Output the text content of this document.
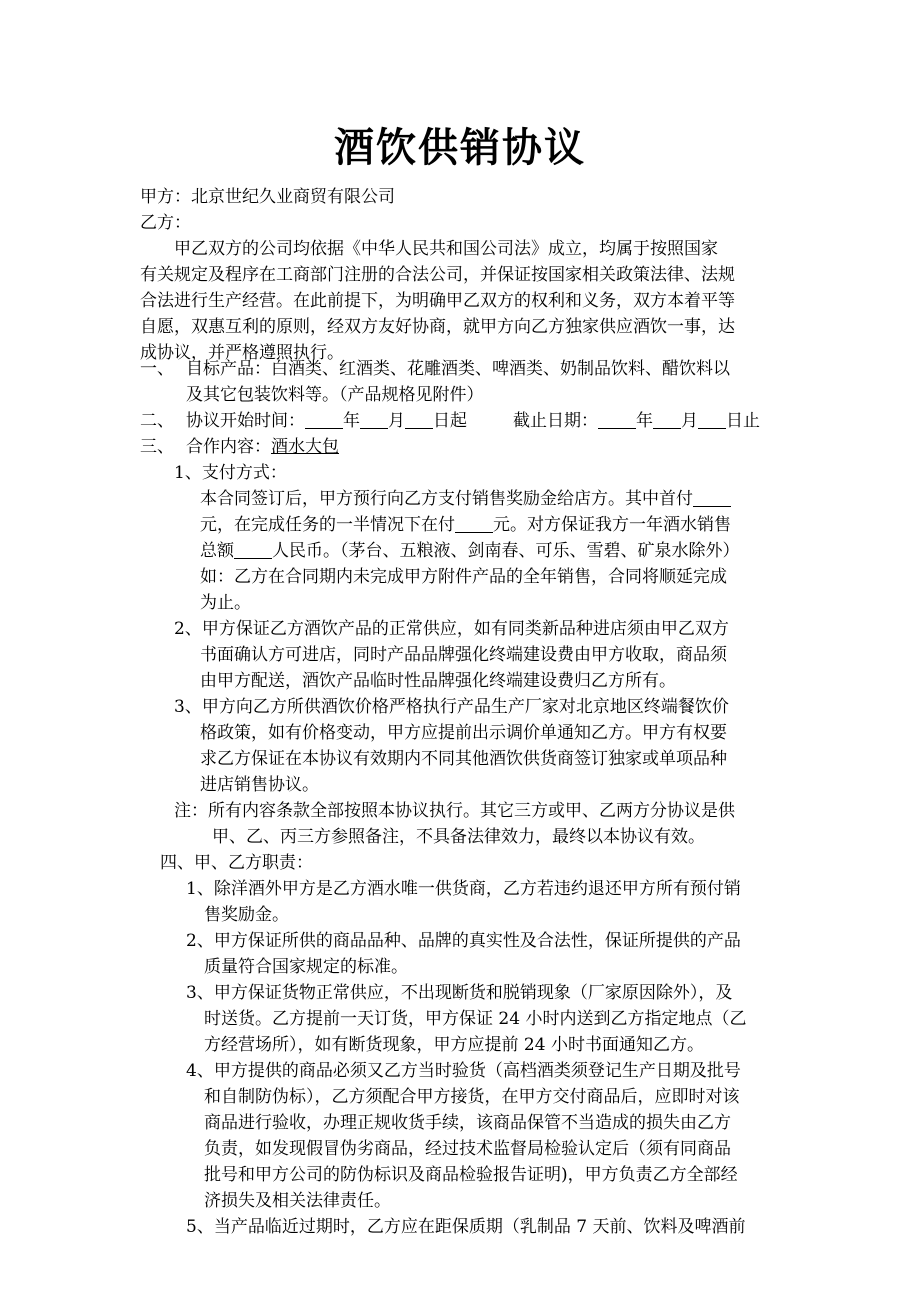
酒饮供销协议
甲方：北京世纪久业商贸有限公司
乙方：
甲乙双方的公司均依据《中华人民共和国公司法》成立，均属于按照国家
有关规定及程序在工商部门注册的合法公司，并保证按国家相关政策法律、法规
合法进行生产经营。在此前提下，为明确甲乙双方的权利和义务，双方本着平等
自愿，双惠互利的原则，经双方友好协商，就甲方向乙方独家供应酒饮一事，达
成协议，并严格遵照执行。
一、 目标产品：白酒类、红酒类、花雕酒类、啤酒类、奶制品饮料、醋饮料以
及其它包装饮料等。（产品规格见附件）
二、 协议开始时间： 年 月 日起	截止日期： 年 月 日止
三、 合作内容：酒水大包
1、支付方式：
本合同签订后，甲方预行向乙方支付销售奖励金给店方。其中首付
元，在完成任务的一半情况下在付 元。对方保证我方一年酒水销售
总额 人民币。（茅台、五粮液、剑南春、可乐、雪碧、矿泉水除外）
如：乙方在合同期内未完成甲方附件产品的全年销售，合同将顺延完成
为止。
2、甲方保证乙方酒饮产品的正常供应，如有同类新品种进店须由甲乙双方
书面确认方可进店，同时产品品牌强化终端建设费由甲方收取，商品须
由甲方配送，酒饮产品临时性品牌强化终端建设费归乙方所有。
3、甲方向乙方所供酒饮价格严格执行产品生产厂家对北京地区终端餐饮价
格政策，如有价格变动，甲方应提前出示调价单通知乙方。甲方有权要
求乙方保证在本协议有效期内不同其他酒饮供货商签订独家或单项品种
进店销售协议。
注：所有内容条款全部按照本协议执行。其它三方或甲、乙两方分协议是供
甲、乙、丙三方参照备注，不具备法律效力，最终以本协议有效。
四、甲、乙方职责：
1、除洋酒外甲方是乙方酒水唯一供货商，乙方若违约退还甲方所有预付销
售奖励金。
2、甲方保证所供的商品品种、品牌的真实性及合法性，保证所提供的产品
质量符合国家规定的标准。
3、甲方保证货物正常供应，不出现断货和脱销现象（厂家原因除外），及
时送货。乙方提前一天订货，甲方保证 24 小时内送到乙方指定地点（乙
方经营场所），如有断货现象，甲方应提前 24 小时书面通知乙方。
4、甲方提供的商品必须又乙方当时验货（高档酒类须登记生产日期及批号
和自制防伪标），乙方须配合甲方接货，在甲方交付商品后，应即时对该
商品进行验收，办理正规收货手续，该商品保管不当造成的损失由乙方
负责，如发现假冒伪劣商品，经过技术监督局检验认定后（须有同商品
批号和甲方公司的防伪标识及商品检验报告证明)，甲方负责乙方全部经
济损失及相关法律责任。
5、当产品临近过期时，乙方应在距保质期（乳制品 7 天前、饮料及啤酒前
